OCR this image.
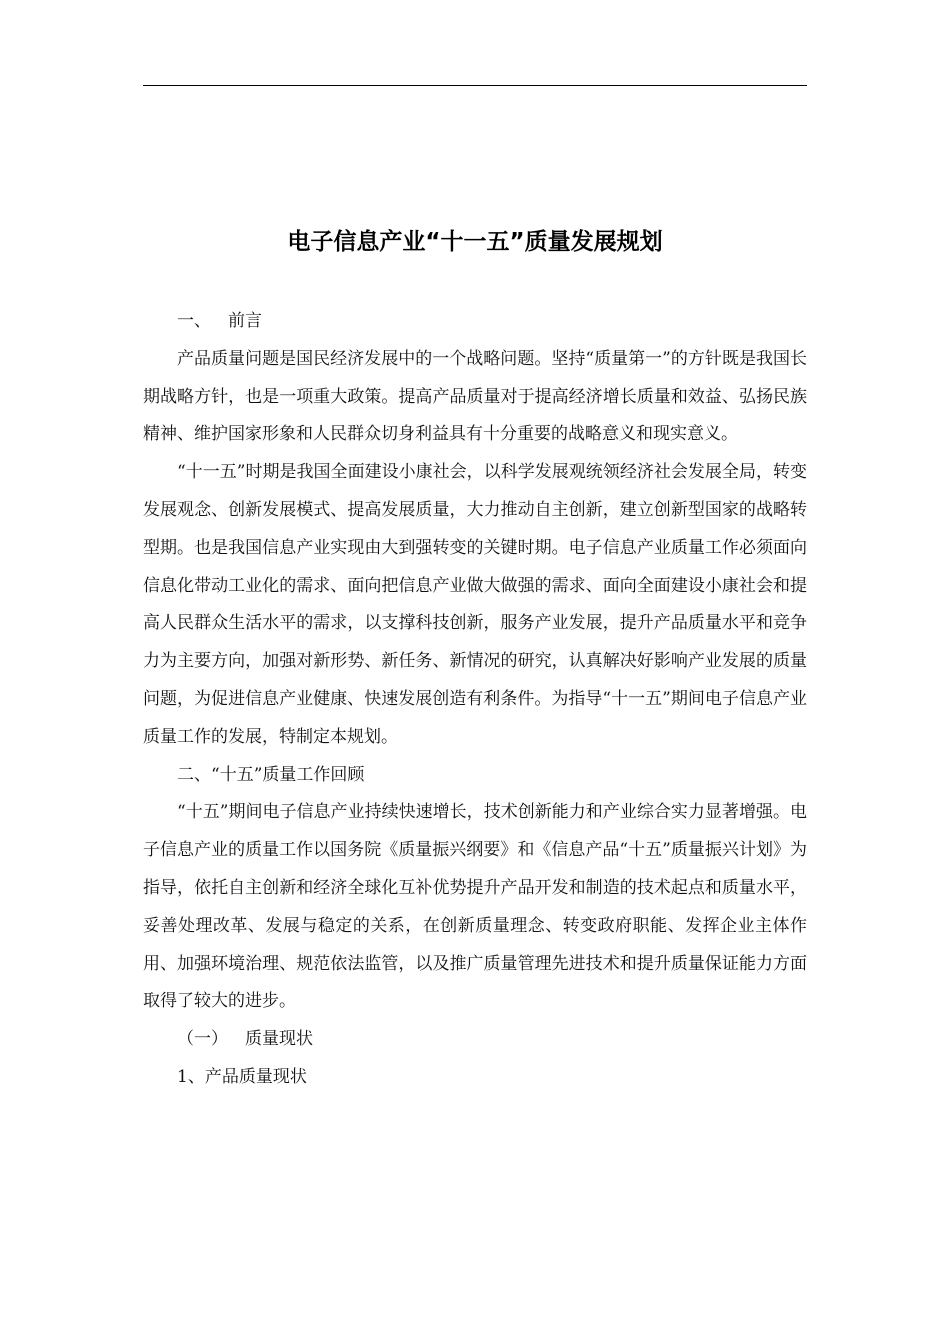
电子信息产业“十一五”质量发展规划

一、 前言

产品质量问题是国民经济发展中的一个战略问题。坚持“质量第一”的方针既是我国长期战略方针，也是一项重大政策。提高产品质量对于提高经济增长质量和效益、弘扬民族精神、维护国家形象和人民群众切身利益具有十分重要的战略意义和现实意义。

“十一五”时期是我国全面建设小康社会，以科学发展观统领经济社会发展全局，转变发展观念、创新发展模式、提高发展质量，大力推动自主创新，建立创新型国家的战略转型期。也是我国信息产业实现由大到强转变的关键时期。电子信息产业质量工作必须面向信息化带动工业化的需求、面向把信息产业做大做强的需求、面向全面建设小康社会和提高人民群众生活水平的需求，以支撑科技创新，服务产业发展，提升产品质量水平和竞争力为主要方向，加强对新形势、新任务、新情况的研究，认真解决好影响产业发展的质量问题，为促进信息产业健康、快速发展创造有利条件。为指导“十一五”期间电子信息产业质量工作的发展，特制定本规划。

二、“十五”质量工作回顾

“十五”期间电子信息产业持续快速增长，技术创新能力和产业综合实力显著增强。电子信息产业的质量工作以国务院《质量振兴纲要》和《信息产品“十五”质量振兴计划》为指导，依托自主创新和经济全球化互补优势提升产品开发和制造的技术起点和质量水平，妥善处理改革、发展与稳定的关系，在创新质量理念、转变政府职能、发挥企业主体作用、加强环境治理、规范依法监管，以及推广质量管理先进技术和提升质量保证能力方面取得了较大的进步。

（一） 质量现状

1、产品质量现状
